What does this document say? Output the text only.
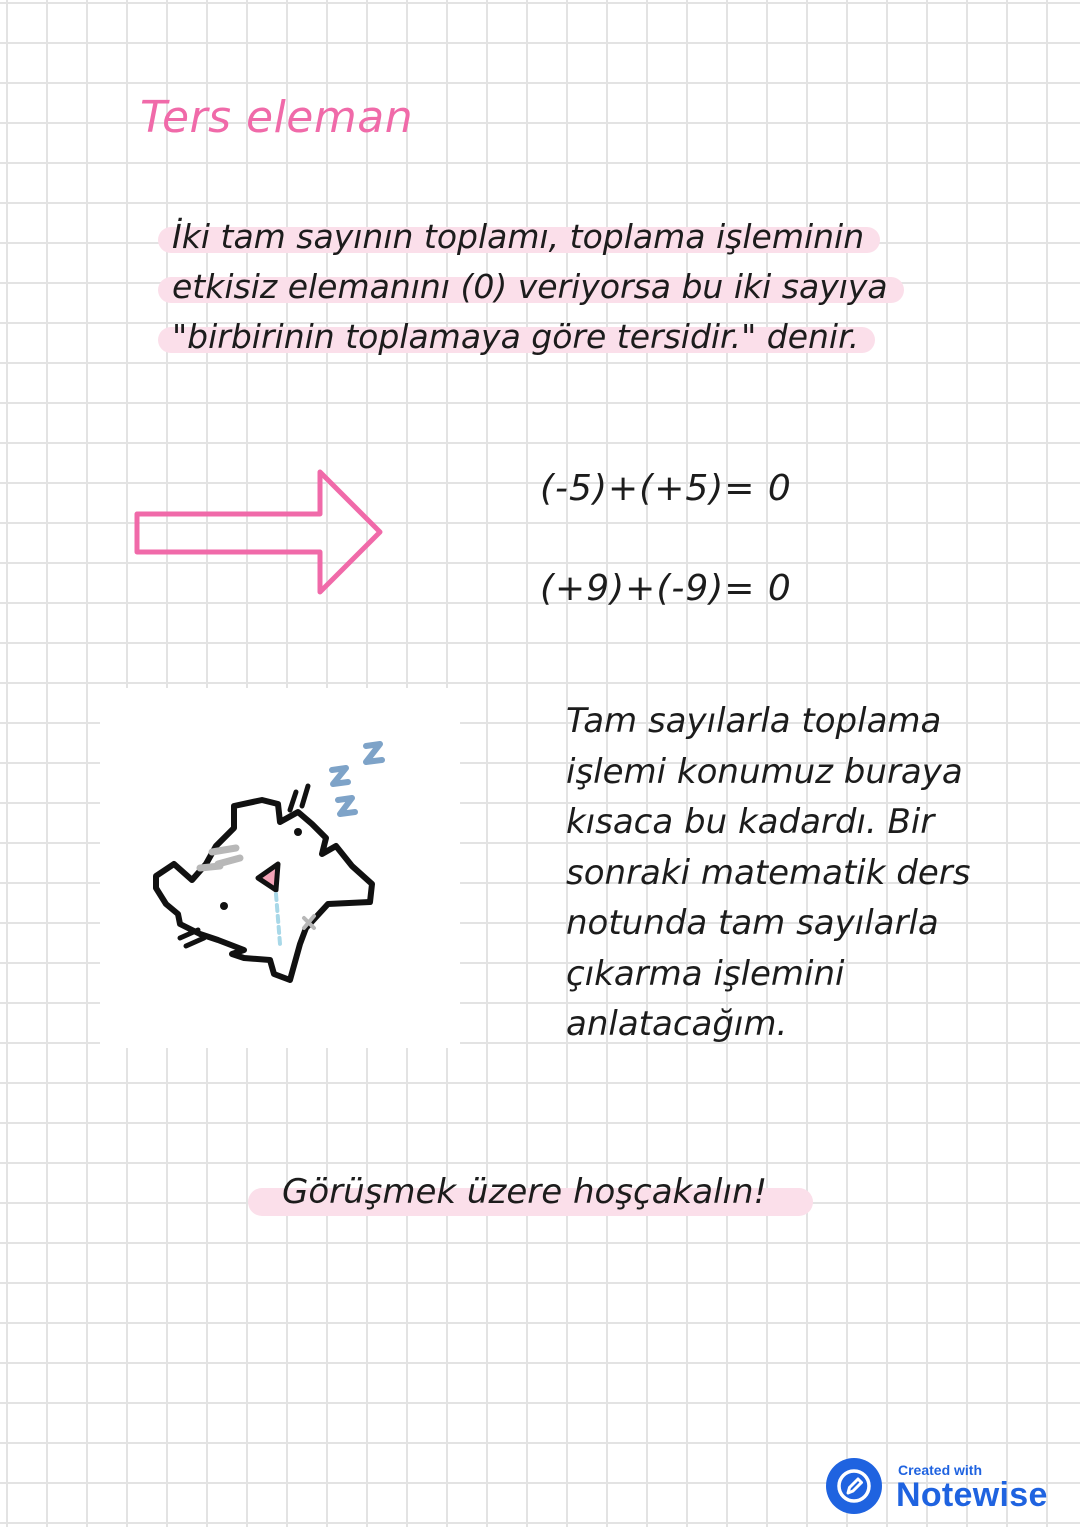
Ters eleman
İki tam sayının toplamı, toplama işleminin
etkisiz elemanını (0) veriyorsa bu iki sayıya
"birbirinin toplamaya göre tersidir." denir.
(-5)+(+5)= 0
(+9)+(-9)= 0
Tam sayılarla toplama
işlemi konumuz buraya
kısaca bu kadardı. Bir
sonraki matematik ders
notunda tam sayılarla
çıkarma işlemini
anlatacağım.
Görüşmek üzere hoşçakalın!
Created with
Notewise
